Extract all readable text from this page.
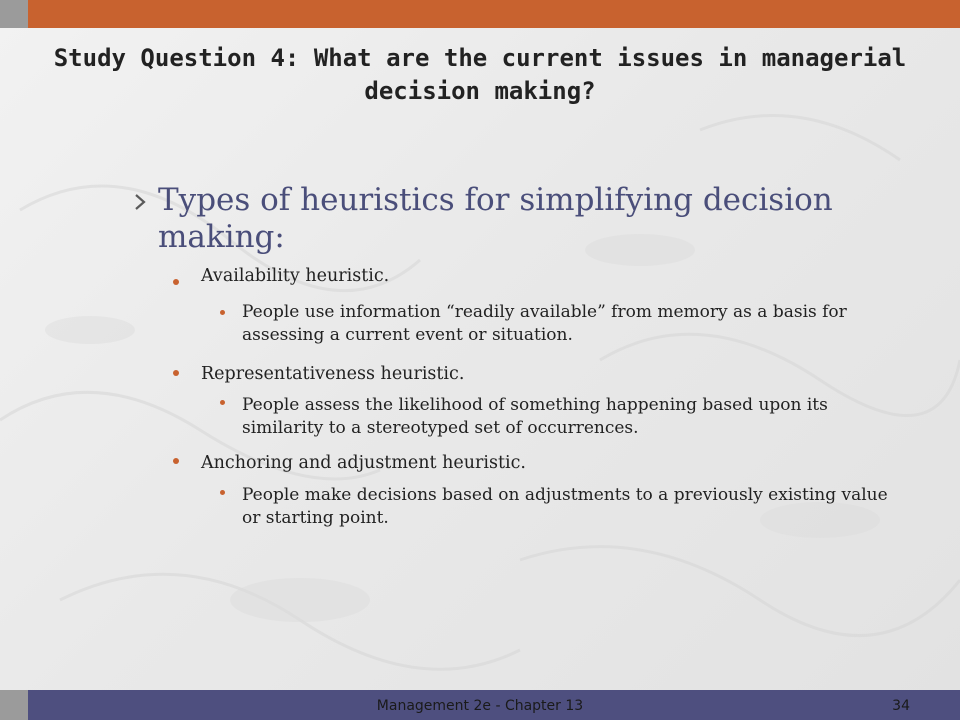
Study Question 4: What are the current issues in managerial decision making?
Types of heuristics for simplifying decision making:
Availability heuristic.
People use information “readily available” from memory as a basis for assessing a current event or situation.
Representativeness heuristic.
People assess the likelihood of something happening based upon its similarity to a stereotyped set of occurrences.
Anchoring and adjustment heuristic.
People make decisions based on adjustments to a previously existing value or starting point.
Management 2e - Chapter 13	34
